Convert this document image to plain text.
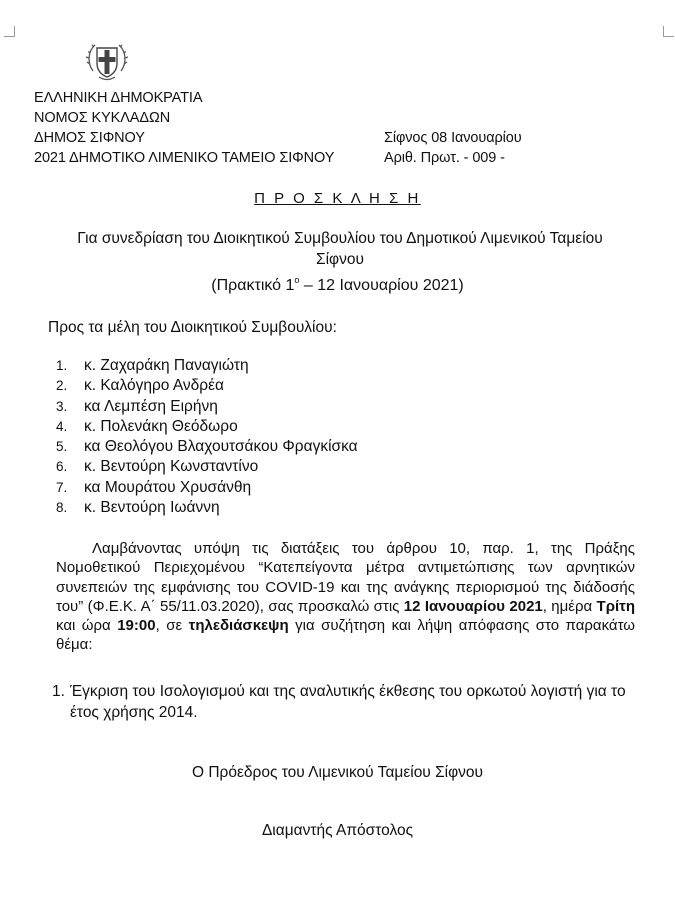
ΕΛΛΗΝΙΚΗ ΔΗΜΟΚΡΑΤΙΑ
ΝΟΜΟΣ ΚΥΚΛΑΔΩΝ
ΔΗΜΟΣ ΣΙΦΝΟΥ
2021 ΔΗΜΟΤΙΚΟ ΛΙΜΕΝΙΚΟ ΤΑΜΕΙΟ ΣΙΦΝΟΥ
Σίφνος 08 Ιανουαρίου
Αριθ. Πρωτ. - 009 -
Π Ρ Ο Σ Κ Λ Η Σ Η
Για συνεδρίαση του Διοικητικού Συμβουλίου του Δημοτικού Λιμενικού Ταμείου Σίφνου
(Πρακτικό $1^o - 12$ Ιανουαρίου 2021)
Προς τα μέλη του Διοικητικού Συμβουλίου:
1.	κ. Ζαχαράκη Παναγιώτη
2.	κ. Καλόγηρο Ανδρέα
3.	κα Λεμπέση Ειρήνη
4.	κ. Πολενάκη Θεόδωρο
5.	κα Θεολόγου Βλαχουτσάκου Φραγκίσκα
6.	κ. Βεντούρη Κωνσταντίνο
7.	κα Μουράτου Χρυσάνθη
8.	κ. Βεντούρη Ιωάννη

Λαμβάνοντας υπόψη τις διατάξεις του άρθρου 10, παρ. 1, της Πράξης Νομοθετικού Περιεχομένου “Κατεπείγοντα μέτρα αντιμετώπισης των αρνητικών συνεπειών της εμφάνισης του COVID-19 και της ανάγκης περιορισμού της διάδοσής του” (Φ.Ε.Κ. Α΄ 55/11.03.2020), σας προσκαλώ στις 12 Ιανουαρίου 2021, ημέρα Τρίτη και ώρα 19:00, σε τηλεδιάσκεψη για συζήτηση και λήψη απόφασης στο παρακάτω θέμα:

1. Έγκριση του Ισολογισμού και της αναλυτικής έκθεσης του ορκωτού λογιστή για το έτος χρήσης 2014.
Ο Πρόεδρος του Λιμενικού Ταμείου Σίφνου
Διαμαντής Απόστολος
